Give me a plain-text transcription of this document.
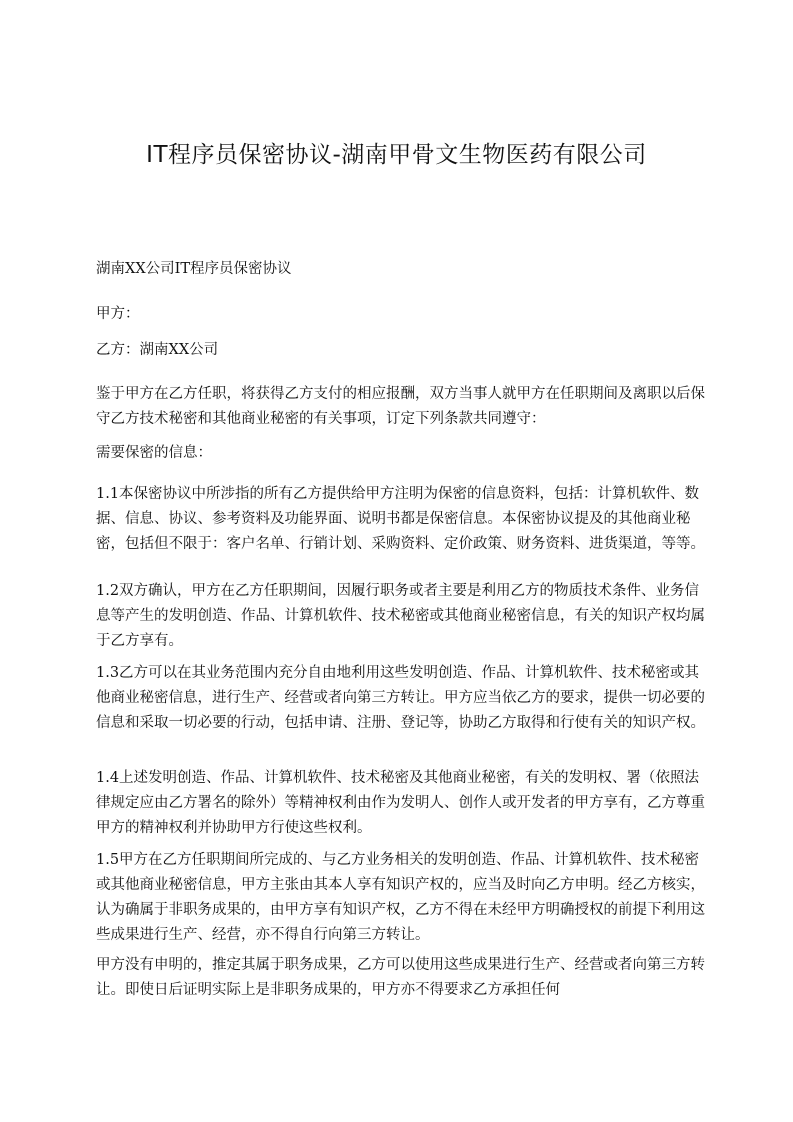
IT程序员保密协议-湖南甲骨文生物医药有限公司

湖南XX公司IT程序员保密协议

甲方：

乙方：湖南XX公司

鉴于甲方在乙方任职，将获得乙方支付的相应报酬，双方当事人就甲方在任职期间及离职以后保守乙方技术秘密和其他商业秘密的有关事项，订定下列条款共同遵守：

需要保密的信息：

1.1本保密协议中所涉指的所有乙方提供给甲方注明为保密的信息资料，包括：计算机软件、数据、信息、协议、参考资料及功能界面、说明书都是保密信息。本保密协议提及的其他商业秘密，包括但不限于：客户名单、行销计划、采购资料、定价政策、财务资料、进货渠道，等等。

1.2双方确认，甲方在乙方任职期间，因履行职务或者主要是利用乙方的物质技术条件、业务信息等产生的发明创造、作品、计算机软件、技术秘密或其他商业秘密信息，有关的知识产权均属于乙方享有。

1.3乙方可以在其业务范围内充分自由地利用这些发明创造、作品、计算机软件、技术秘密或其他商业秘密信息，进行生产、经营或者向第三方转让。甲方应当依乙方的要求，提供一切必要的信息和采取一切必要的行动，包括申请、注册、登记等，协助乙方取得和行使有关的知识产权。

1.4上述发明创造、作品、计算机软件、技术秘密及其他商业秘密，有关的发明权、署（依照法律规定应由乙方署名的除外）等精神权利由作为发明人、创作人或开发者的甲方享有，乙方尊重甲方的精神权利并协助甲方行使这些权利。

1.5甲方在乙方任职期间所完成的、与乙方业务相关的发明创造、作品、计算机软件、技术秘密或其他商业秘密信息，甲方主张由其本人享有知识产权的，应当及时向乙方申明。经乙方核实，认为确属于非职务成果的，由甲方享有知识产权，乙方不得在未经甲方明确授权的前提下利用这些成果进行生产、经营，亦不得自行向第三方转让。

甲方没有申明的，推定其属于职务成果，乙方可以使用这些成果进行生产、经营或者向第三方转让。即使日后证明实际上是非职务成果的，甲方亦不得要求乙方承担任何
